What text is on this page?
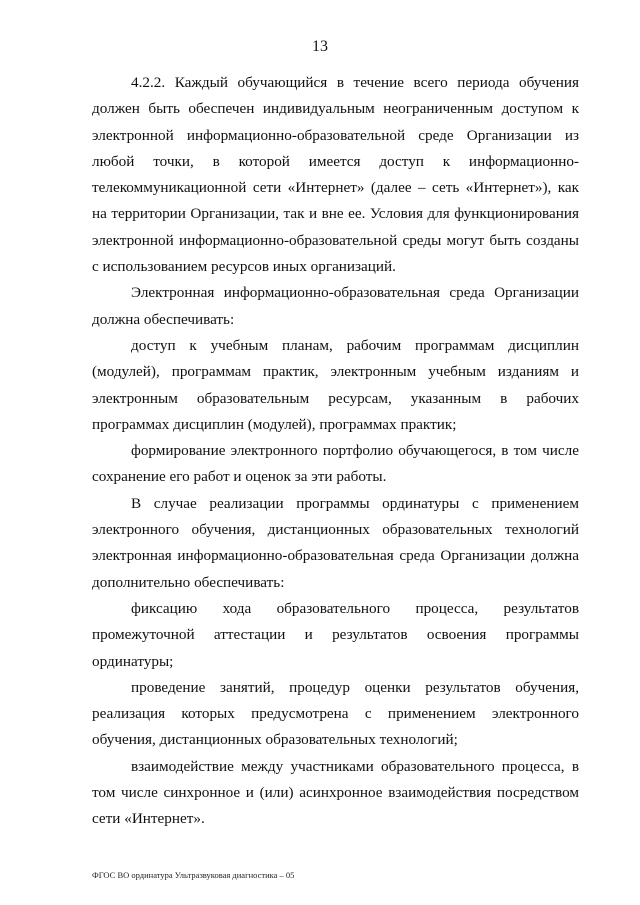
13

4.2.2. Каждый обучающийся в течение всего периода обучения должен быть обеспечен индивидуальным неограниченным доступом к электронной информационно-образовательной среде Организации из любой точки, в которой имеется доступ к информационно-телекоммуникационной сети «Интернет» (далее – сеть «Интернет»), как на территории Организации, так и вне ее. Условия для функционирования электронной информационно-образовательной среды могут быть созданы с использованием ресурсов иных организаций.

Электронная информационно-образовательная среда Организации должна обеспечивать:

доступ к учебным планам, рабочим программам дисциплин (модулей), программам практик, электронным учебным изданиям и электронным образовательным ресурсам, указанным в рабочих программах дисциплин (модулей), программах практик;

формирование электронного портфолио обучающегося, в том числе сохранение его работ и оценок за эти работы.

В случае реализации программы ординатуры с применением электронного обучения, дистанционных образовательных технологий электронная информационно-образовательная среда Организации должна дополнительно обеспечивать:

фиксацию хода образовательного процесса, результатов промежуточной аттестации и результатов освоения программы ординатуры;

проведение занятий, процедур оценки результатов обучения, реализация которых предусмотрена с применением электронного обучения, дистанционных образовательных технологий;

взаимодействие между участниками образовательного процесса, в том числе синхронное и (или) асинхронное взаимодействия посредством сети «Интернет».

ФГОС ВО ординатура Ультразвуковая диагностика – 05
